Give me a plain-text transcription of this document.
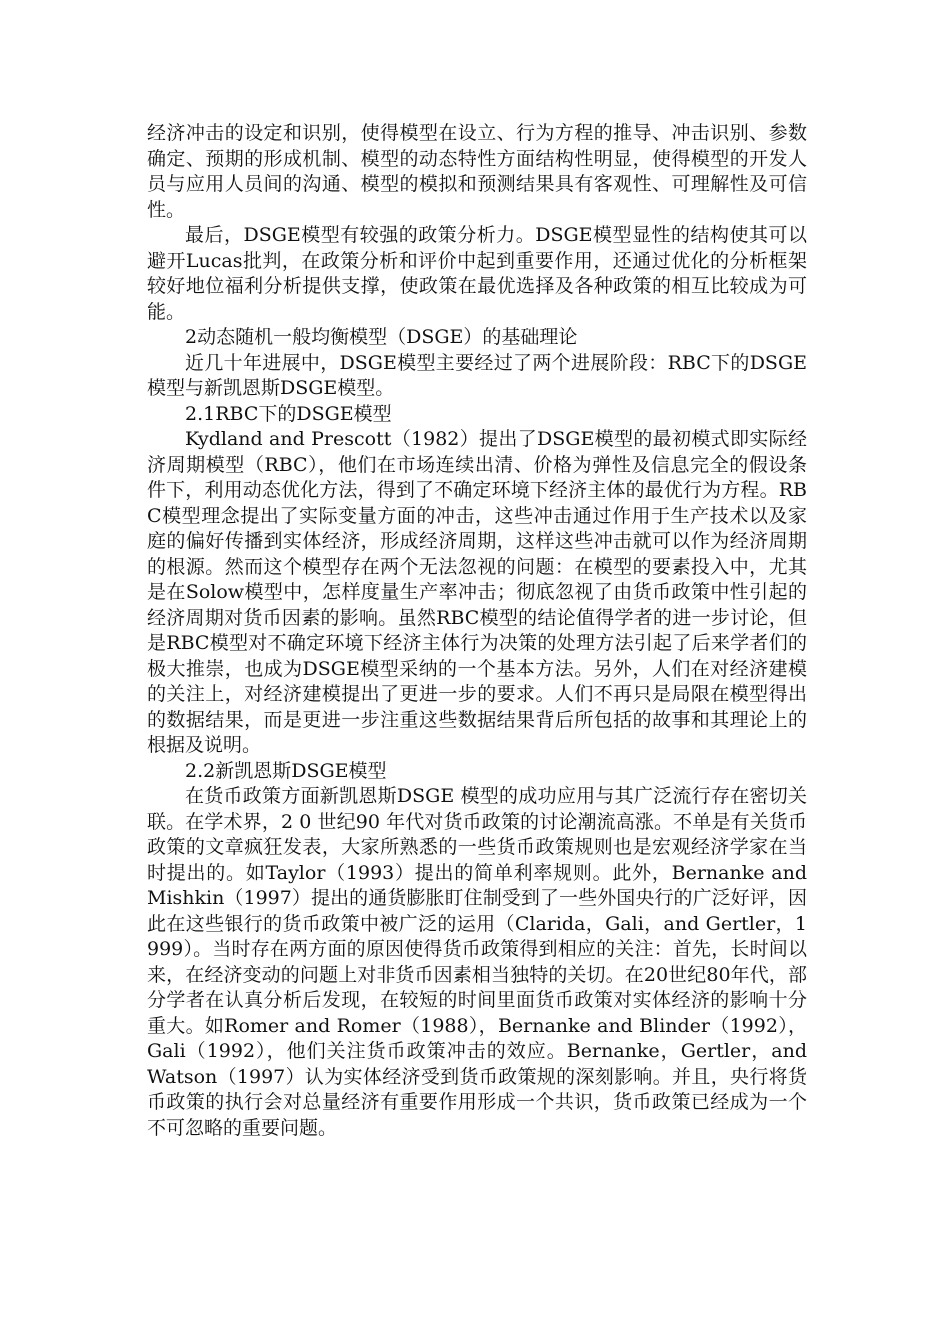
经济冲击的设定和识别，使得模型在设立、行为方程的推导、冲击识别、参数确定、预期的形成机制、模型的动态特性方面结构性明显，使得模型的开发人员与应用人员间的沟通、模型的模拟和预测结果具有客观性、可理解性及可信性。

最后，DSGE模型有较强的政策分析力。DSGE模型显性的结构使其可以避开Lucas批判，在政策分析和评价中起到重要作用，还通过优化的分析框架较好地位福利分析提供支撑，使政策在最优选择及各种政策的相互比较成为可能。

2动态随机一般均衡模型（DSGE）的基础理论

近几十年进展中，DSGE模型主要经过了两个进展阶段：RBC下的DSGE模型与新凯恩斯DSGE模型。

2.1RBC下的DSGE模型

Kydland and Prescott（1982）提出了DSGE模型的最初模式即实际经济周期模型（RBC），他们在市场连续出清、价格为弹性及信息完全的假设条件下，利用动态优化方法，得到了不确定环境下经济主体的最优行为方程。RBC模型理念提出了实际变量方面的冲击，这些冲击通过作用于生产技术以及家庭的偏好传播到实体经济，形成经济周期，这样这些冲击就可以作为经济周期的根源。然而这个模型存在两个无法忽视的问题：在模型的要素投入中，尤其是在Solow模型中，怎样度量生产率冲击；彻底忽视了由货币政策中性引起的经济周期对货币因素的影响。虽然RBC模型的结论值得学者的进一步讨论，但是RBC模型对不确定环境下经济主体行为决策的处理方法引起了后来学者们的极大推崇，也成为DSGE模型采纳的一个基本方法。另外，人们在对经济建模的关注上，对经济建模提出了更进一步的要求。人们不再只是局限在模型得出的数据结果，而是更进一步注重这些数据结果背后所包括的故事和其理论上的根据及说明。

2.2新凯恩斯DSGE模型

在货币政策方面新凯恩斯DSGE 模型的成功应用与其广泛流行存在密切关联。在学术界，2 0 世纪90 年代对货币政策的讨论潮流高涨。不单是有关货币政策的文章疯狂发表，大家所熟悉的一些货币政策规则也是宏观经济学家在当时提出的。如Taylor（1993）提出的简单利率规则。此外，Bernanke and Mishkin（1997）提出的通货膨胀盯住制受到了一些外国央行的广泛好评，因此在这些银行的货币政策中被广泛的运用（Clarida，Gali，and Gertler，1999）。当时存在两方面的原因使得货币政策得到相应的关注：首先，长时间以来，在经济变动的问题上对非货币因素相当独特的关切。在20世纪80年代，部分学者在认真分析后发现，在较短的时间里面货币政策对实体经济的影响十分重大。如Romer and Romer（1988），Bernanke and Blinder（1992），Gali（1992），他们关注货币政策冲击的效应。Bernanke，Gertler，and Watson（1997）认为实体经济受到货币政策规的深刻影响。并且，央行将货币政策的执行会对总量经济有重要作用形成一个共识，货币政策已经成为一个不可忽略的重要问题。
